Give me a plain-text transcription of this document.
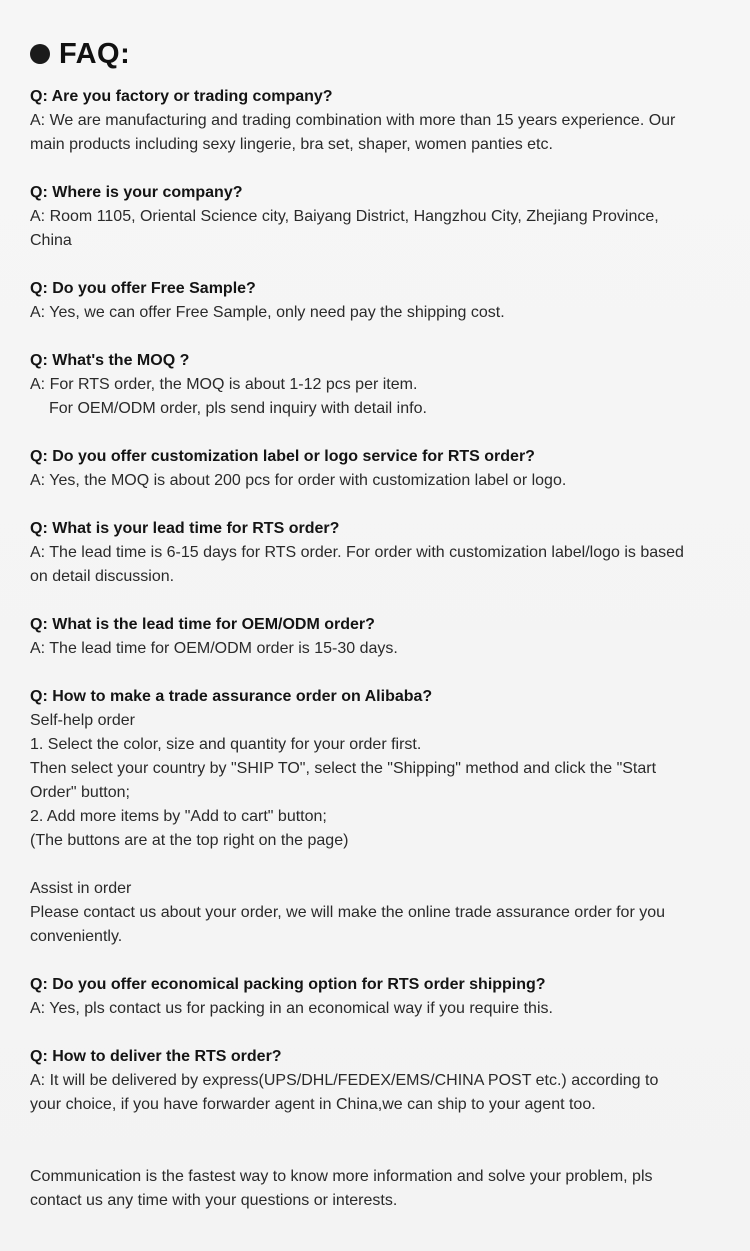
FAQ:
Q: Are you factory or trading company?
A: We are manufacturing and trading combination with more than 15 years experience. Our
main products including sexy lingerie, bra set, shaper, women panties etc.
Q: Where is your company?
A: Room 1105, Oriental Science city, Baiyang District, Hangzhou City, Zhejiang Province,
China
Q: Do you offer Free Sample?
A: Yes, we can offer Free Sample, only need pay the shipping cost.
Q: What's the MOQ ?
A: For RTS order, the MOQ is about 1-12 pcs per item.
For OEM/ODM order, pls send inquiry with detail info.
Q: Do you offer customization label or logo service for RTS order?
A: Yes, the MOQ is about 200 pcs for order with customization label or logo.
Q: What is your lead time for RTS order?
A: The lead time is 6-15 days for RTS order. For order with customization label/logo is based
on detail discussion.
Q: What is the lead time for OEM/ODM order?
A: The lead time for OEM/ODM order is 15-30 days.
Q: How to make a trade assurance order on Alibaba?
Self-help order
1. Select the color, size and quantity for your order first.
Then select your country by "SHIP TO", select the "Shipping" method and click the "Start
Order" button;
2. Add more items by "Add to cart" button;
(The buttons are at the top right on the page)
Assist in order
Please contact us about your order, we will make the online trade assurance order for you
conveniently.
Q: Do you offer economical packing option for RTS order shipping?
A: Yes, pls contact us for packing in an economical way if you require this.
Q: How to deliver the RTS order?
A: It will be delivered by express(UPS/DHL/FEDEX/EMS/CHINA POST etc.) according to
your choice, if you have forwarder agent in China,we can ship to your agent too.
Communication is the fastest way to know more information and solve your problem, pls
contact us any time with your questions or interests.
